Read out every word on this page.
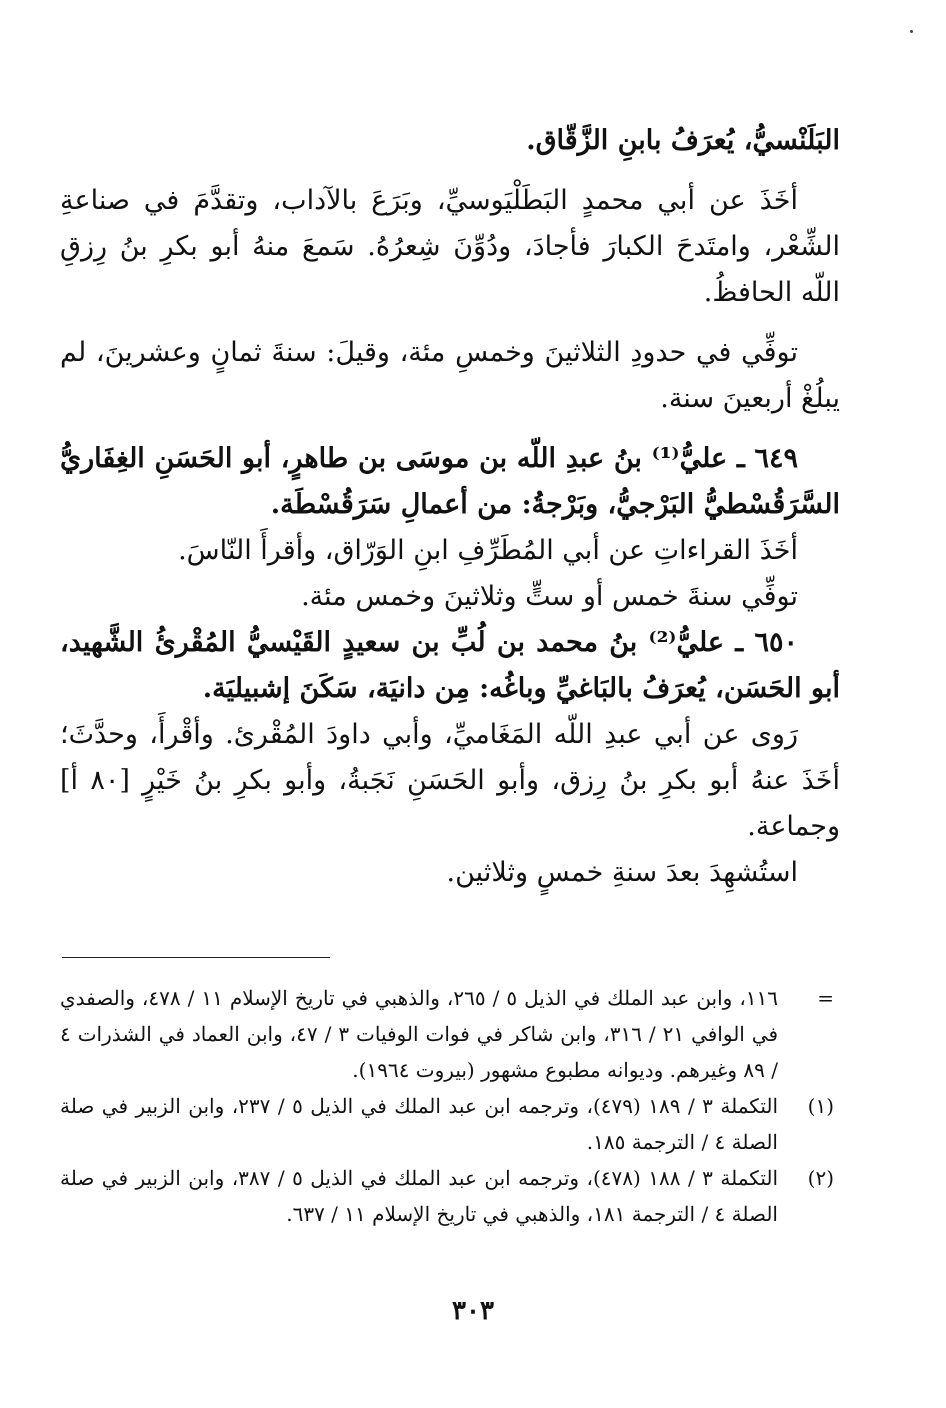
البَلَنْسيُّ، يُعرَفُ بابنِ الزَّقّاق.

أخَذَ عن أبي محمدٍ البَطَلْيَوسيِّ، وبَرَعَ بالآداب، وتقدَّمَ في صناعةِ الشِّعْر، وامتَدحَ الكبارَ فأجادَ، ودُوِّنَ شِعرُهُ. سَمعَ منهُ أبو بكرِ بنُ رِزقِ اللّه الحافظُ.

توفِّي في حدودِ الثلاثينَ وخمسِ مئة، وقيلَ: سنةَ ثمانٍ وعشرينَ، لم يبلُغْ أربعينَ سنة.

٦٤٩ ـ عليُّ⁽¹⁾ بنُ عبدِ اللّه بن موسَى بن طاهرٍ، أبو الحَسَنِ الغِفَاريُّ السَّرَقُسْطيُّ البَرْجيُّ، وبَرْجةُ: من أعمالِ سَرَقُسْطَة.

أخَذَ القراءاتِ عن أبي المُطَرِّفِ ابنِ الوَرّاق، وأقرأَ النّاسَ.

توفِّي سنةَ خمس أو ستٍّ وثلاثينَ وخمس مئة.

٦٥٠ ـ عليُّ⁽²⁾ بنُ محمد بن لُبِّ بن سعيدٍ القَيْسيُّ المُقْرئُ الشَّهيد، أبو الحَسَن، يُعرَفُ بالبَاغيِّ وباغُه: مِن دانيَة، سَكَنَ إشبيليَة.

رَوى عن أبي عبدِ اللّه المَغَاميِّ، وأبي داودَ المُقْرئ. وأقْرأَ، وحدَّثَ؛ أخَذَ عنهُ أبو بكرِ بنُ رِزق، وأبو الحَسَنِ نَجَبةُ، وأبو بكرِ بنُ خَيْرٍ [٨٠ أ] وجماعة.

استُشهِدَ بعدَ سنةِ خمسٍ وثلاثين.

=
١١٦، وابن عبد الملك في الذيل ٥ / ٢٦٥، والذهبي في تاريخ الإسلام ١١ / ٤٧٨، والصفدي في الوافي ٢١ / ٣١٦، وابن شاكر في فوات الوفيات ٣ / ٤٧، وابن العماد في الشذرات ٤ / ٨٩ وغيرهم. وديوانه مطبوع مشهور (بيروت ١٩٦٤).
(١)
التكملة ٣ / ١٨٩ (٤٧٩)، وترجمه ابن عبد الملك في الذيل ٥ / ٢٣٧، وابن الزبير في صلة الصلة ٤ / الترجمة ١٨٥.
(٢)
التكملة ٣ / ١٨٨ (٤٧٨)، وترجمه ابن عبد الملك في الذيل ٥ / ٣٨٧، وابن الزبير في صلة الصلة ٤ / الترجمة ١٨١، والذهبي في تاريخ الإسلام ١١ / ٦٣٧.
٣٠٣
